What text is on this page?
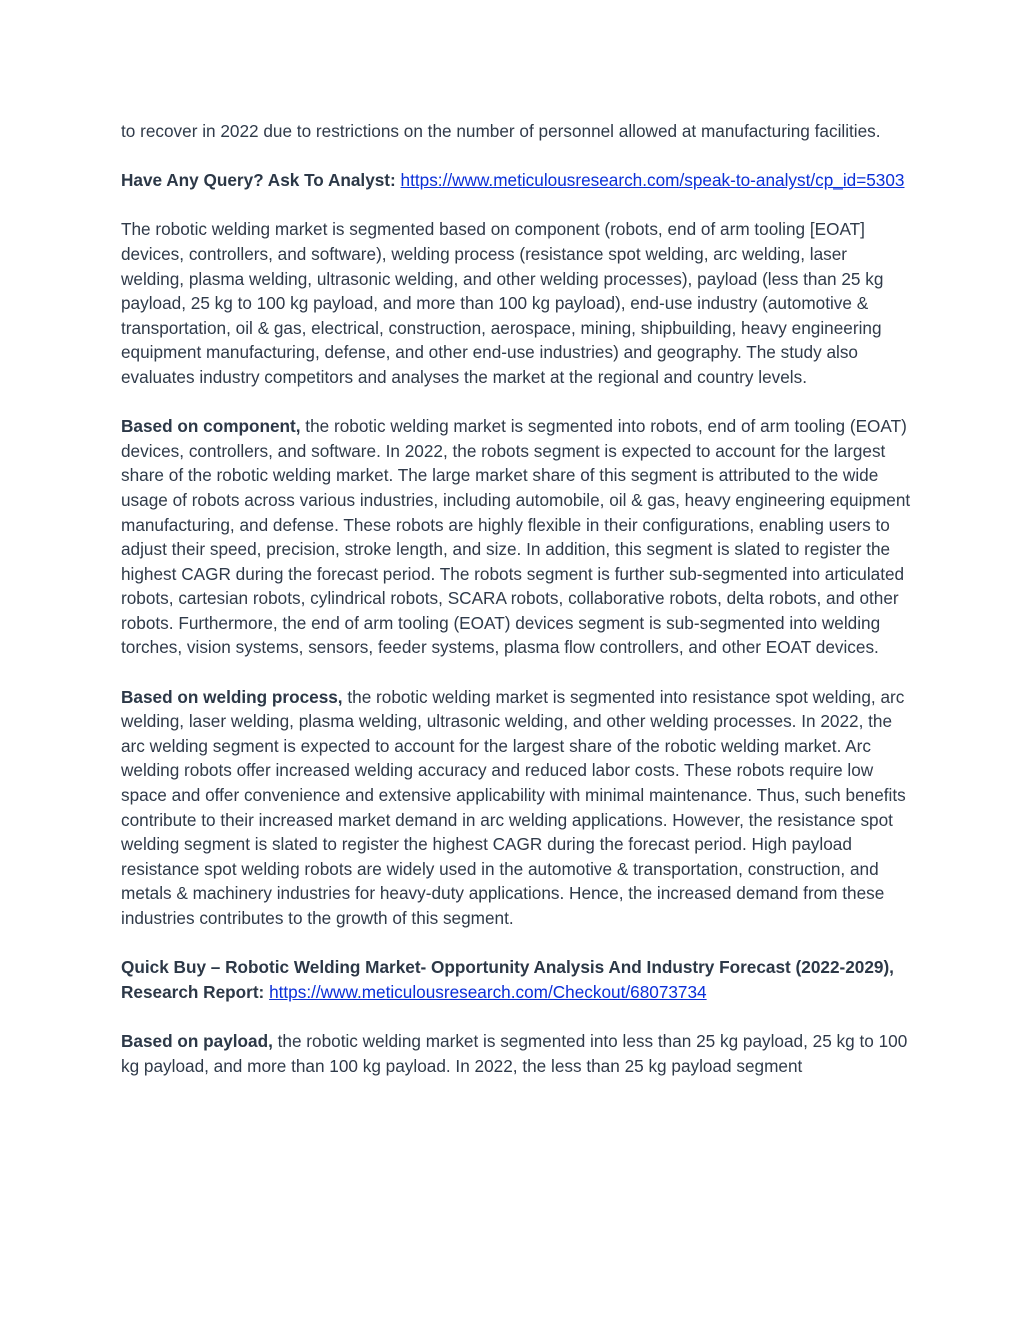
to recover in 2022 due to restrictions on the number of personnel allowed at manufacturing facilities.

Have Any Query? Ask To Analyst: https://www.meticulousresearch.com/speak-to-analyst/cp_id=5303

The robotic welding market is segmented based on component (robots, end of arm tooling [EOAT] devices, controllers, and software), welding process (resistance spot welding, arc welding, laser welding, plasma welding, ultrasonic welding, and other welding processes), payload (less than 25 kg payload, 25 kg to 100 kg payload, and more than 100 kg payload), end-use industry (automotive & transportation, oil & gas, electrical, construction, aerospace, mining, shipbuilding, heavy engineering equipment manufacturing, defense, and other end-use industries) and geography. The study also evaluates industry competitors and analyses the market at the regional and country levels.

Based on component, the robotic welding market is segmented into robots, end of arm tooling (EOAT) devices, controllers, and software. In 2022, the robots segment is expected to account for the largest share of the robotic welding market. The large market share of this segment is attributed to the wide usage of robots across various industries, including automobile, oil & gas, heavy engineering equipment manufacturing, and defense. These robots are highly flexible in their configurations, enabling users to adjust their speed, precision, stroke length, and size. In addition, this segment is slated to register the highest CAGR during the forecast period. The robots segment is further sub-segmented into articulated robots, cartesian robots, cylindrical robots, SCARA robots, collaborative robots, delta robots, and other robots. Furthermore, the end of arm tooling (EOAT) devices segment is sub-segmented into welding torches, vision systems, sensors, feeder systems, plasma flow controllers, and other EOAT devices.

Based on welding process, the robotic welding market is segmented into resistance spot welding, arc welding, laser welding, plasma welding, ultrasonic welding, and other welding processes. In 2022, the arc welding segment is expected to account for the largest share of the robotic welding market. Arc welding robots offer increased welding accuracy and reduced labor costs. These robots require low space and offer convenience and extensive applicability with minimal maintenance. Thus, such benefits contribute to their increased market demand in arc welding applications. However, the resistance spot welding segment is slated to register the highest CAGR during the forecast period. High payload resistance spot welding robots are widely used in the automotive & transportation, construction, and metals & machinery industries for heavy-duty applications. Hence, the increased demand from these industries contributes to the growth of this segment.

Quick Buy – Robotic Welding Market- Opportunity Analysis And Industry Forecast (2022-2029), Research Report: https://www.meticulousresearch.com/Checkout/68073734

Based on payload, the robotic welding market is segmented into less than 25 kg payload, 25 kg to 100 kg payload, and more than 100 kg payload. In 2022, the less than 25 kg payload segment
